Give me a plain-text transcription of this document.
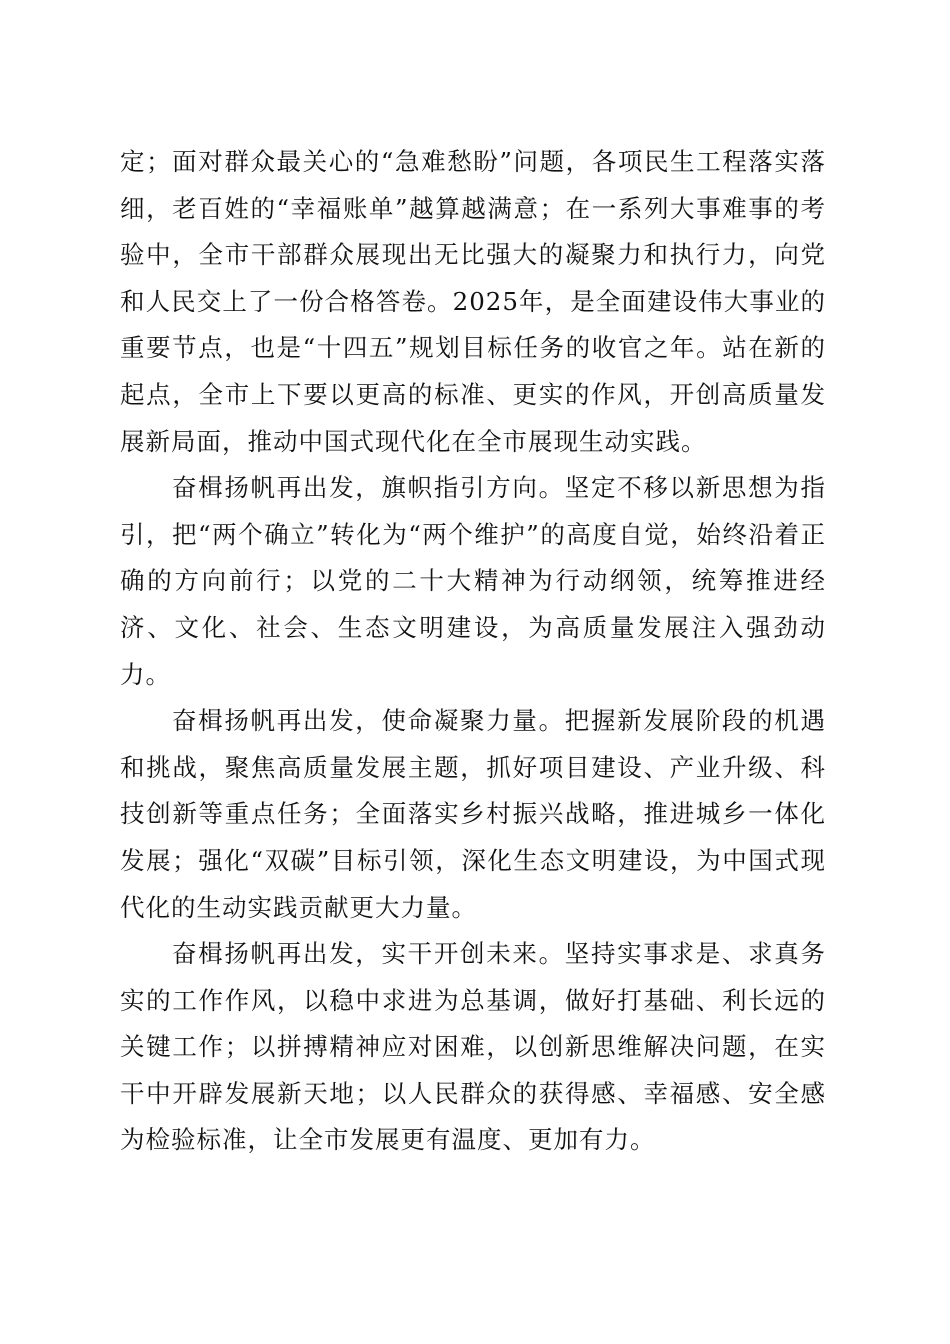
定；面对群众最关心的“急难愁盼”问题，各项民生工程落实落细，老百姓的“幸福账单”越算越满意；在一系列大事难事的考验中，全市干部群众展现出无比强大的凝聚力和执行力，向党和人民交上了一份合格答卷。2025年，是全面建设伟大事业的重要节点，也是“十四五”规划目标任务的收官之年。站在新的起点，全市上下要以更高的标准、更实的作风，开创高质量发展新局面，推动中国式现代化在全市展现生动实践。

奋楫扬帆再出发，旗帜指引方向。坚定不移以新思想为指引，把“两个确立”转化为“两个维护”的高度自觉，始终沿着正确的方向前行；以党的二十大精神为行动纲领，统筹推进经济、文化、社会、生态文明建设，为高质量发展注入强劲动力。

奋楫扬帆再出发，使命凝聚力量。把握新发展阶段的机遇和挑战，聚焦高质量发展主题，抓好项目建设、产业升级、科技创新等重点任务；全面落实乡村振兴战略，推进城乡一体化发展；强化“双碳”目标引领，深化生态文明建设，为中国式现代化的生动实践贡献更大力量。

奋楫扬帆再出发，实干开创未来。坚持实事求是、求真务实的工作作风，以稳中求进为总基调，做好打基础、利长远的关键工作；以拼搏精神应对困难，以创新思维解决问题，在实干中开辟发展新天地；以人民群众的获得感、幸福感、安全感为检验标准，让全市发展更有温度、更加有力。
